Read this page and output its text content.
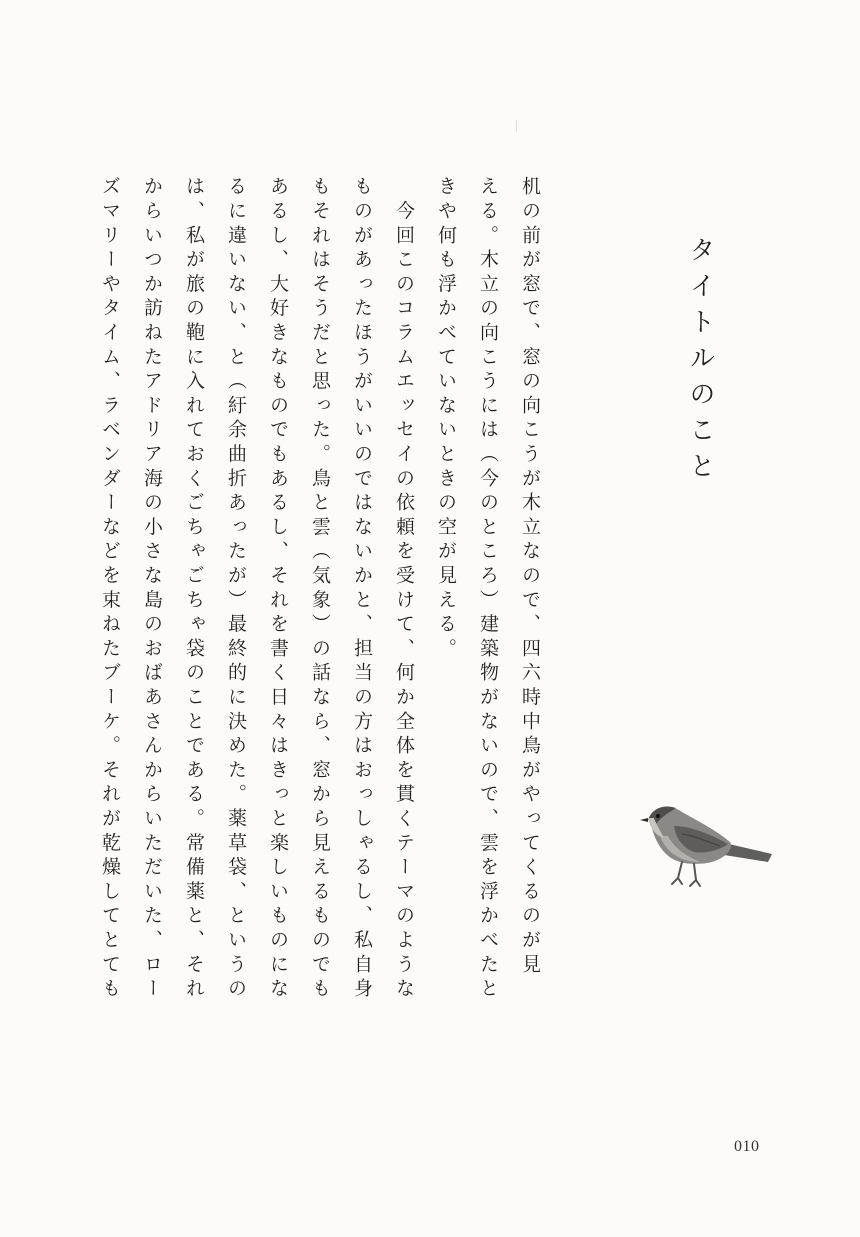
タイトルのこと
机の前が窓で、窓の向こうが木立なので、四六時中鳥がやってくるのが見
える。木立の向こうには（今のところ）建築物がないので、雲を浮かべたと
きや何も浮かべていないときの空が見える。
　今回このコラムエッセイの依頼を受けて、何か全体を貫くテーマのような
ものがあったほうがいいのではないかと、担当の方はおっしゃるし、私自身
もそれはそうだと思った。鳥と雲（気象）の話なら、窓から見えるものでも
あるし、大好きなものでもあるし、それを書く日々はきっと楽しいものにな
るに違いない、と（紆余曲折あったが）最終的に決めた。薬草袋、というの
は、私が旅の鞄に入れておくごちゃごちゃ袋のことである。常備薬と、それ
からいつか訪ねたアドリア海の小さな島のおばあさんからいただいた、ロー
ズマリーやタイム、ラベンダーなどを束ねたブーケ。それが乾燥してとても
010
